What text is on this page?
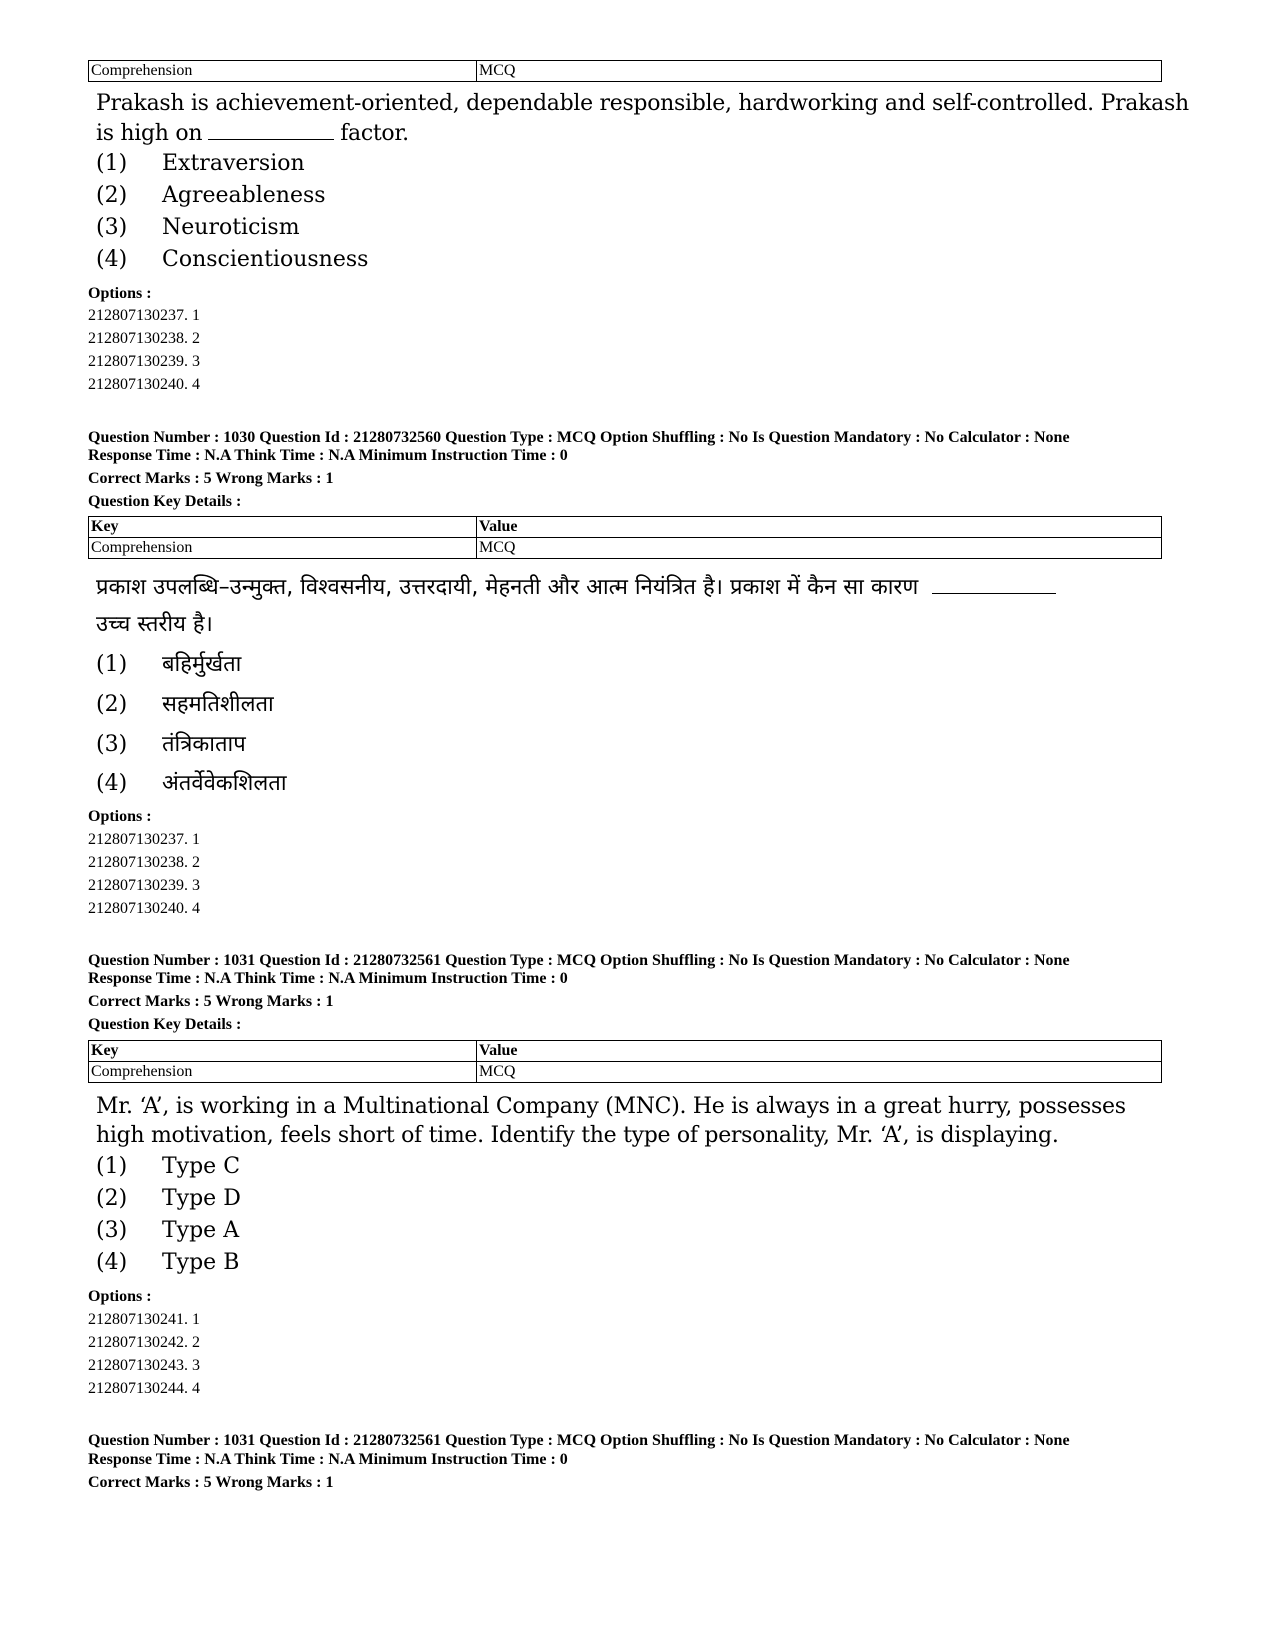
Comprehension	MCQ
Prakash is achievement-oriented, dependable responsible, hardworking and self-controlled. Prakash is high on	factor.
(1) Extraversion
(2) Agreeableness
(3) Neuroticism
(4) Conscientiousness
Options :
212807130237. 1
212807130238. 2
212807130239. 3
212807130240. 4
Question Number : 1030 Question Id : 21280732560 Question Type : MCQ Option Shuffling : No Is Question Mandatory : No Calculator : None
Response Time : N.A Think Time : N.A Minimum Instruction Time : 0
Correct Marks : 5 Wrong Marks : 1
Question Key Details :
Key	Value
Comprehension	MCQ
प्रकाश उपलब्धि–उन्मुक्त, विश्वसनीय, उत्तरदायी, मेहनती और आत्म नियंत्रित है। प्रकाश में कैन सा कारण
उच्च स्तरीय है।
(1) बहिर्मुर्खता
(2) सहमतिशीलता
(3) तंत्रिकाताप
(4) अंतर्वेवेकशिलता
Options :
212807130237. 1
212807130238. 2
212807130239. 3
212807130240. 4
Question Number : 1031 Question Id : 21280732561 Question Type : MCQ Option Shuffling : No Is Question Mandatory : No Calculator : None
Response Time : N.A Think Time : N.A Minimum Instruction Time : 0
Correct Marks : 5 Wrong Marks : 1
Question Key Details :
Key	Value
Comprehension	MCQ
Mr. ‘A’, is working in a Multinational Company (MNC). He is always in a great hurry, possesses
high motivation, feels short of time. Identify the type of personality, Mr. ‘A’, is displaying.
(1) Type C
(2) Type D
(3) Type A
(4) Type B
Options :
212807130241. 1
212807130242. 2
212807130243. 3
212807130244. 4
Question Number : 1031 Question Id : 21280732561 Question Type : MCQ Option Shuffling : No Is Question Mandatory : No Calculator : None
Response Time : N.A Think Time : N.A Minimum Instruction Time : 0
Correct Marks : 5 Wrong Marks : 1
